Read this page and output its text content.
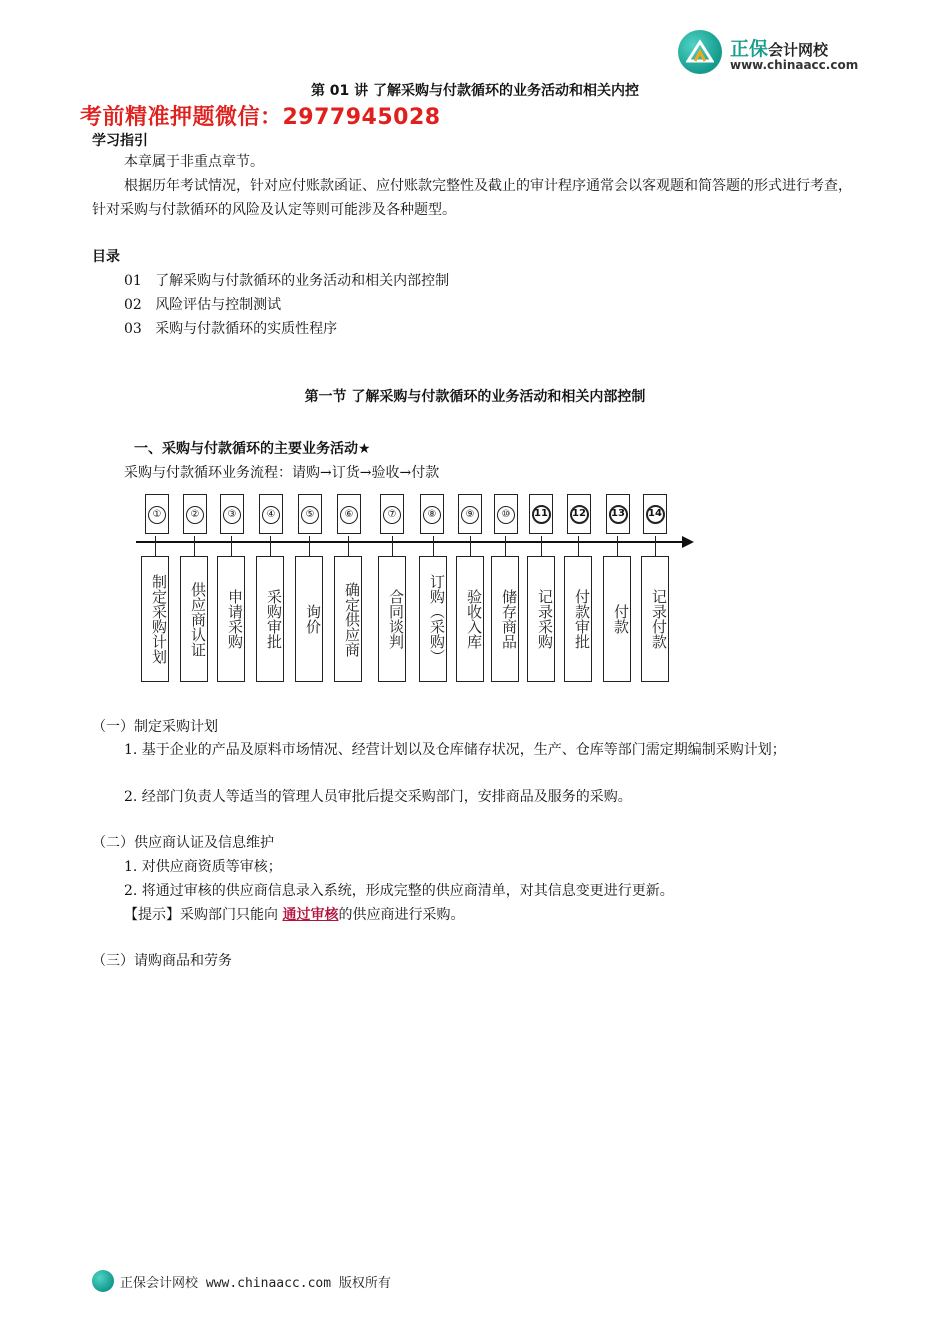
正保会计网校
www.chinaacc.com
第 01 讲 了解采购与付款循环的业务活动和相关内控
考前精准押题微信：2977945028
学习指引
本章属于非重点章节。
根据历年考试情况，针对应付账款函证、应付账款完整性及截止的审计程序通常会以客观题和简答题的形式进行考查，针对采购与付款循环的风险及认定等则可能涉及各种题型。
目录
01 了解采购与付款循环的业务活动和相关内部控制
02 风险评估与控制测试
03 采购与付款循环的实质性程序
第一节 了解采购与付款循环的业务活动和相关内部控制
一、采购与付款循环的主要业务活动★
采购与付款循环业务流程：请购→订货→验收→付款
①	②	③	④	⑤	⑥	⑦	⑧	⑨	⑩	11	12	13	14
制定采购计划	供应商认证	申请采购	采购审批	询价	确定供应商	合同谈判	订购（采购）	验收入库	储存商品	记录采购	付款审批	付款	记录付款
（一）制定采购计划
1. 基于企业的产品及原料市场情况、经营计划以及仓库储存状况，生产、仓库等部门需定期编制采购计划；
2. 经部门负责人等适当的管理人员审批后提交采购部门，安排商品及服务的采购。
（二）供应商认证及信息维护
1. 对供应商资质等审核；
2. 将通过审核的供应商信息录入系统，形成完整的供应商清单，对其信息变更进行更新。
【提示】采购部门只能向 通过审核的供应商进行采购。
（三）请购商品和劳务
正保会计网校 www.chinaacc.com 版权所有
